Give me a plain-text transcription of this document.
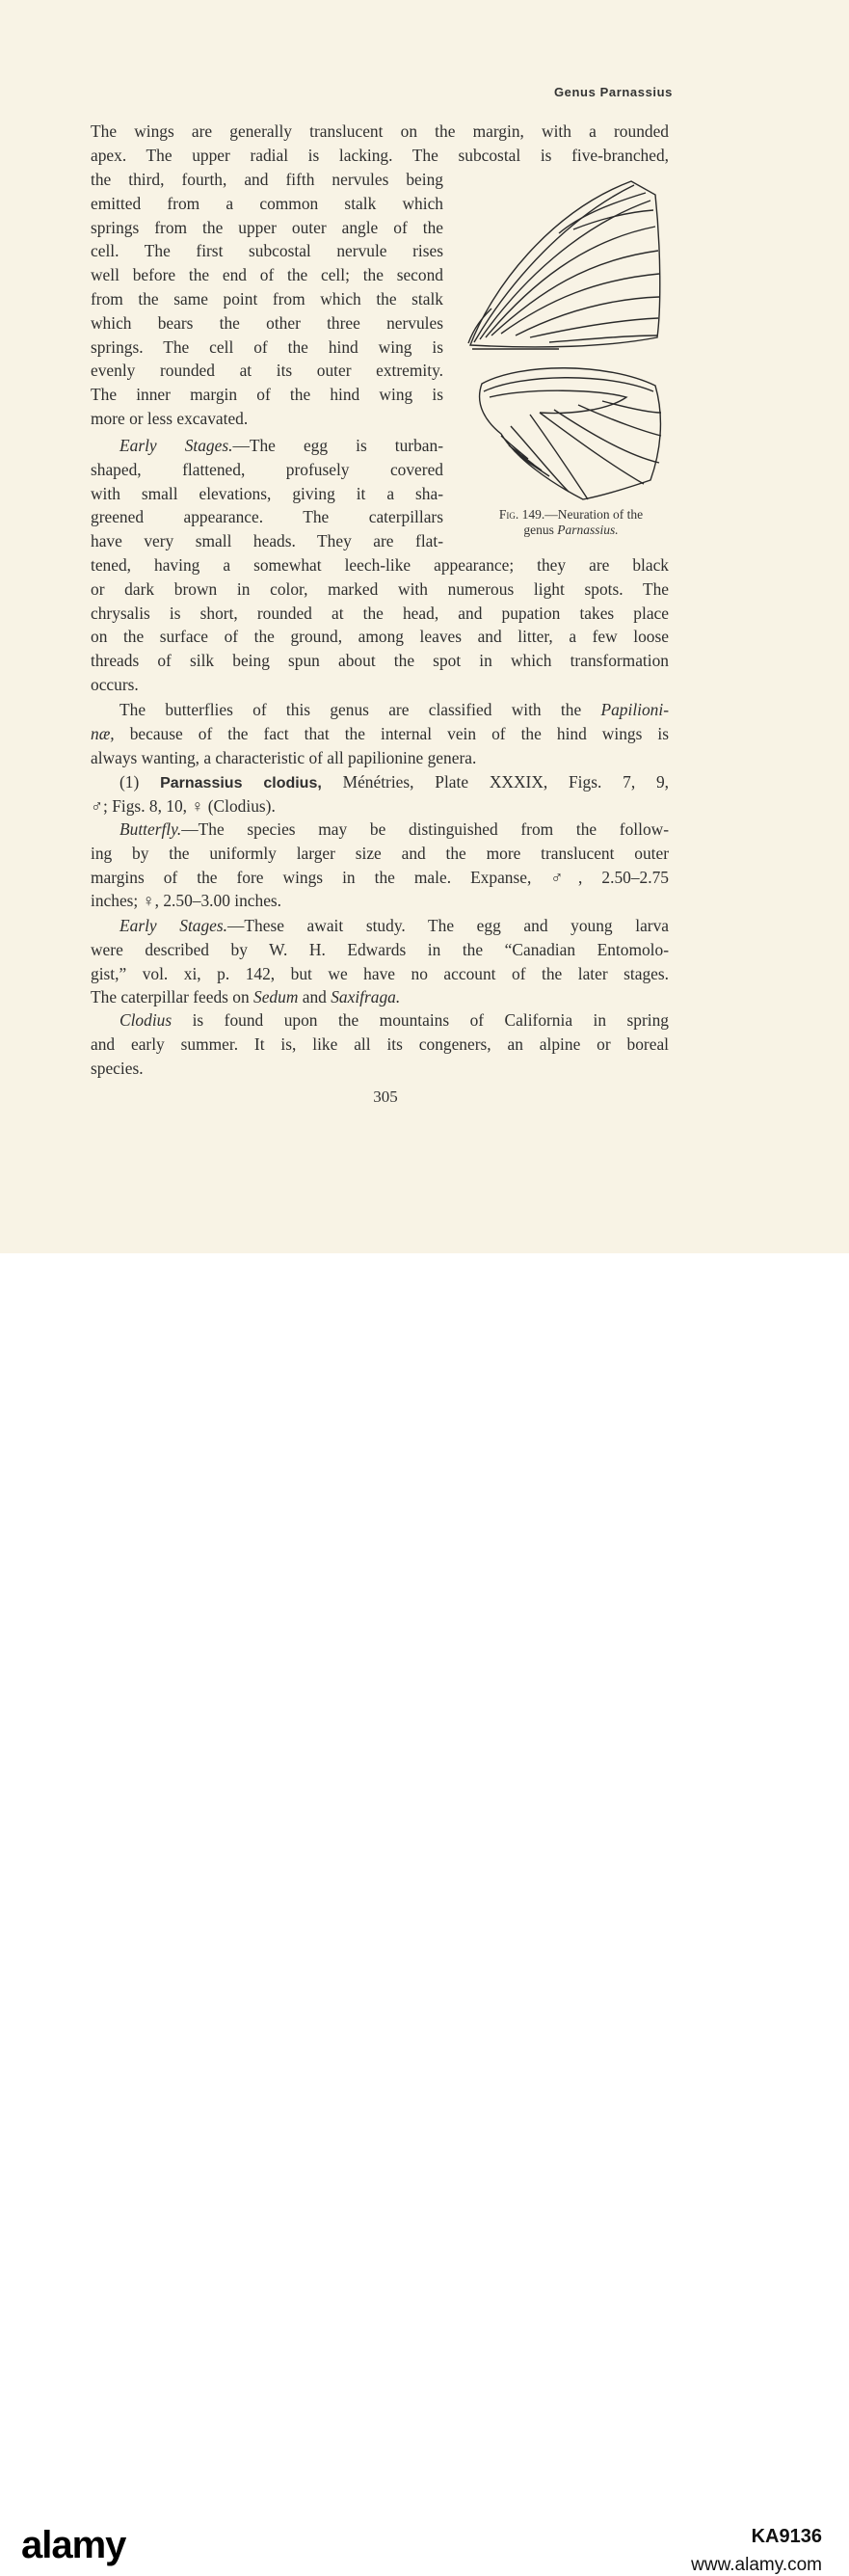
Genus Parnassius
The wings are generally translucent on the margin, with a rounded
apex. The upper radial is lacking. The subcostal is five-branched,
the third, fourth, and fifth nervules being
emitted from a common stalk which
springs from the upper outer angle of the
cell. The first subcostal nervule rises
well before the end of the cell; the second
from the same point from which the stalk
which bears the other three nervules
springs. The cell of the hind wing is
evenly rounded at its outer extremity.
The inner margin of the hind wing is
more or less excavated.
Early Stages.—The egg is turban-
shaped, flattened, profusely covered
with small elevations, giving it a sha-
greened appearance. The caterpillars
have very small heads. They are flat-
tened, having a somewhat leech-like appearance; they are black
or dark brown in color, marked with numerous light spots. The
chrysalis is short, rounded at the head, and pupation takes place
on the surface of the ground, among leaves and litter, a few loose
threads of silk being spun about the spot in which transformation
occurs.
The butterflies of this genus are classified with the Papilioni-
næ, because of the fact that the internal vein of the hind wings is
always wanting, a characteristic of all papilionine genera.
(1) Parnassius clodius, Ménétries, Plate XXXIX, Figs. 7, 9,
♂; Figs. 8, 10, ♀ (Clodius).
Butterfly.—The species may be distinguished from the follow-
ing by the uniformly larger size and the more translucent outer
margins of the fore wings in the male. Expanse, ♂, 2.50–2.75
inches; ♀, 2.50–3.00 inches.
Early Stages.—These await study. The egg and young larva
were described by W. H. Edwards in the “Canadian Entomolo-
gist,” vol. xi, p. 142, but we have no account of the later stages.
The caterpillar feeds on Sedum and Saxifraga.
Clodius is found upon the mountains of California in spring
and early summer. It is, like all its congeners, an alpine or boreal
species.
Fig. 149.—Neuration of the
genus Parnassius.
305
alamy	KA9136
www.alamy.com
